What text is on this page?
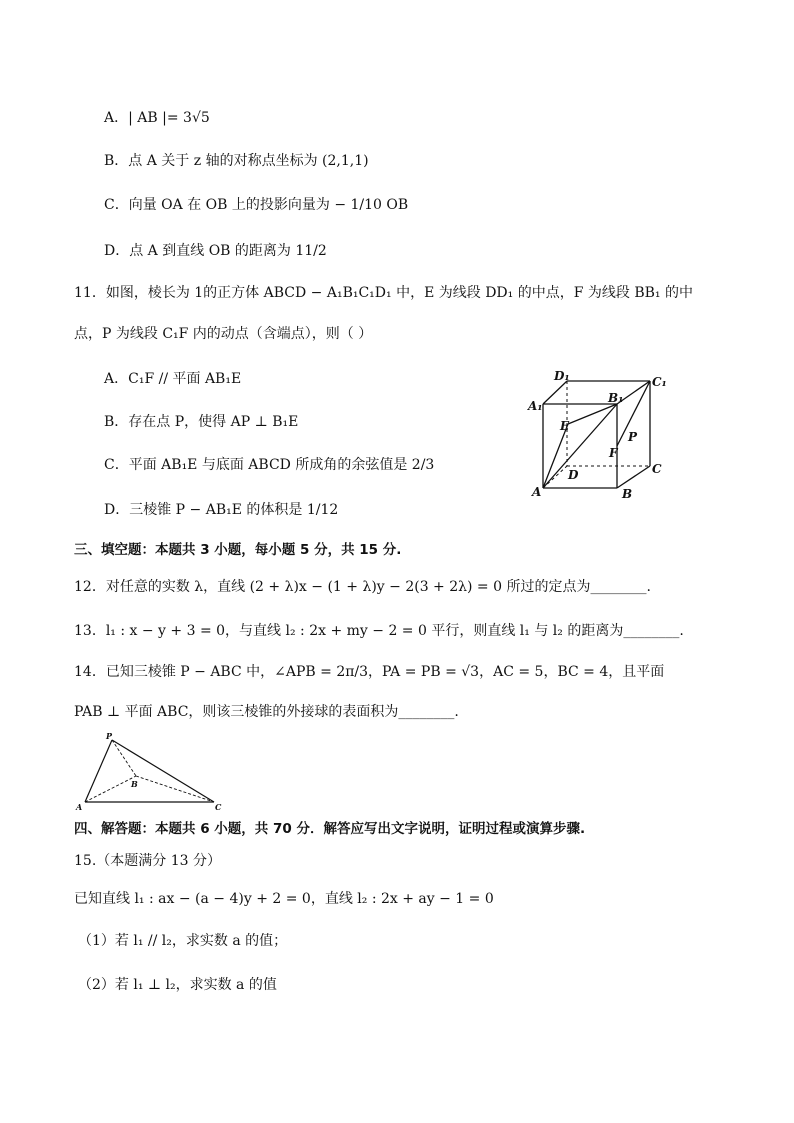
A．| AB |= 3√5
B．点 A 关于 z 轴的对称点坐标为 (2,1,1)
C．向量 OA 在 OB 上的投影向量为 − 1/10 OB
D．点 A 到直线 OB 的距离为 11/2
11．如图，棱长为 1的正方体 ABCD − A₁B₁C₁D₁ 中，E 为线段 DD₁ 的中点，F 为线段 BB₁ 的中
点，P 为线段 C₁F 内的动点（含端点），则（ ）
A．C₁F // 平面 AB₁E
B．存在点 P，使得 AP ⊥ B₁E
C．平面 AB₁E 与底面 ABCD 所成角的余弦值是 2/3
D．三棱锥 P − AB₁E 的体积是 1/12
D₁	C₁
A₁
B₁
E
P
F
D	C
A	B
三、填空题：本题共 3 小题，每小题 5 分，共 15 分.
12．对任意的实数 λ，直线 (2 + λ)x − (1 + λ)y − 2(3 + 2λ) = 0 所过的定点为________.
13．l₁ : x − y + 3 = 0，与直线 l₂ : 2x + my − 2 = 0 平行，则直线 l₁ 与 l₂ 的距离为________.
14．已知三棱锥 P − ABC 中，∠APB = 2π/3，PA = PB = √3，AC = 5，BC = 4，且平面
PAB ⊥ 平面 ABC，则该三棱锥的外接球的表面积为________.
P
A
B
C
四、解答题：本题共 6 小题，共 70 分．解答应写出文字说明，证明过程或演算步骤.
15.（本题满分 13 分）
已知直线 l₁ : ax − (a − 4)y + 2 = 0，直线 l₂ : 2x + ay − 1 = 0
（1）若 l₁ // l₂，求实数 a 的值；
（2）若 l₁ ⊥ l₂，求实数 a 的值
